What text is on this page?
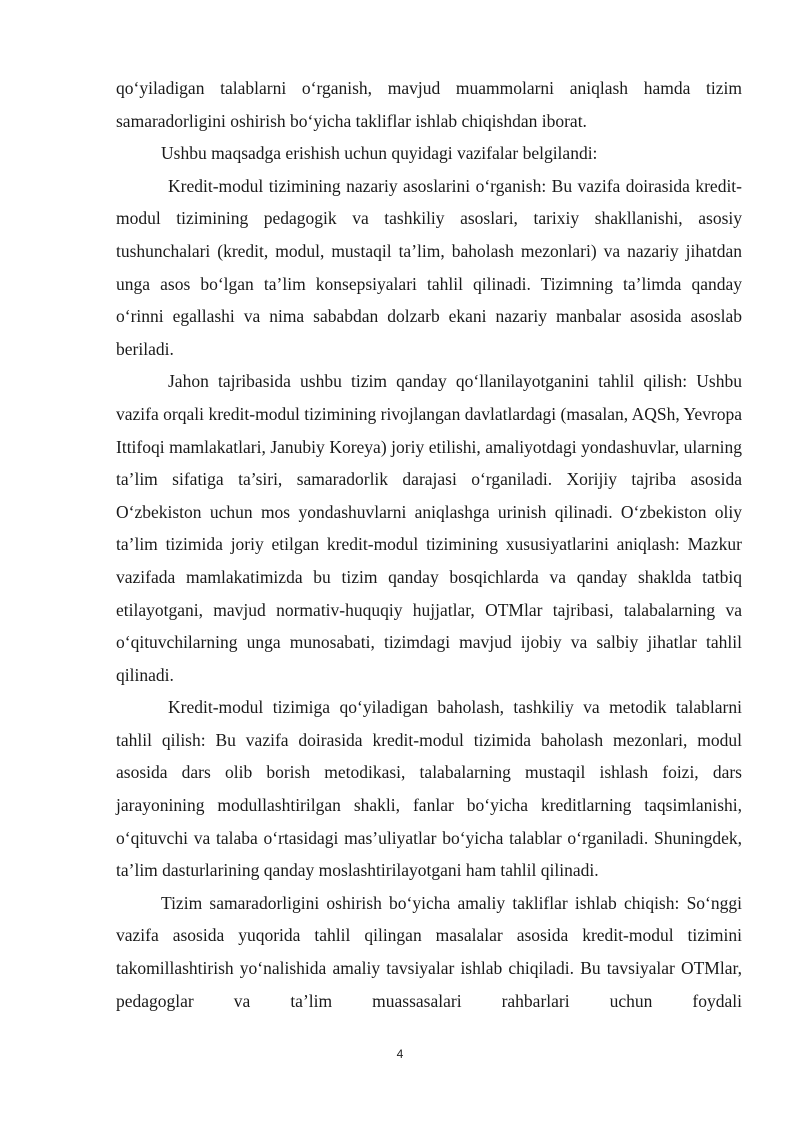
qo‘yiladigan talablarni o‘rganish, mavjud muammolarni aniqlash hamda tizim samaradorligini oshirish bo‘yicha takliflar ishlab chiqishdan iborat.

Ushbu maqsadga erishish uchun quyidagi vazifalar belgilandi:

Kredit-modul tizimining nazariy asoslarini o‘rganish: Bu vazifa doirasida kredit-modul tizimining pedagogik va tashkiliy asoslari, tarixiy shakllanishi, asosiy tushunchalari (kredit, modul, mustaqil ta’lim, baholash mezonlari) va nazariy jihatdan unga asos bo‘lgan ta’lim konsepsiyalari tahlil qilinadi. Tizimning ta’limda qanday o‘rinni egallashi va nima sababdan dolzarb ekani nazariy manbalar asosida asoslab beriladi.

Jahon tajribasida ushbu tizim qanday qo‘llanilayotganini tahlil qilish: Ushbu vazifa orqali kredit-modul tizimining rivojlangan davlatlardagi (masalan, AQSh, Yevropa Ittifoqi mamlakatlari, Janubiy Koreya) joriy etilishi, amaliyotdagi yondashuvlar, ularning ta’lim sifatiga ta’siri, samaradorlik darajasi o‘rganiladi. Xorijiy tajriba asosida O‘zbekiston uchun mos yondashuvlarni aniqlashga urinish qilinadi. O‘zbekiston oliy ta’lim tizimida joriy etilgan kredit-modul tizimining xususiyatlarini aniqlash: Mazkur vazifada mamlakatimizda bu tizim qanday bosqichlarda va qanday shaklda tatbiq etilayotgani, mavjud normativ-huquqiy hujjatlar, OTMlar tajribasi, talabalarning va o‘qituvchilarning unga munosabati, tizimdagi mavjud ijobiy va salbiy jihatlar tahlil qilinadi.

Kredit-modul tizimiga qo‘yiladigan baholash, tashkiliy va metodik talablarni tahlil qilish: Bu vazifa doirasida kredit-modul tizimida baholash mezonlari, modul asosida dars olib borish metodikasi, talabalarning mustaqil ishlash foizi, dars jarayonining modullashtirilgan shakli, fanlar bo‘yicha kreditlarning taqsimlanishi, o‘qituvchi va talaba o‘rtasidagi mas’uliyatlar bo‘yicha talablar o‘rganiladi. Shuningdek, ta’lim dasturlarining qanday moslashtirilayotgani ham tahlil qilinadi.

Tizim samaradorligini oshirish bo‘yicha amaliy takliflar ishlab chiqish: So‘nggi vazifa asosida yuqorida tahlil qilingan masalalar asosida kredit-modul tizimini takomillashtirish yo‘nalishida amaliy tavsiyalar ishlab chiqiladi. Bu tavsiyalar OTMlar, pedagoglar va ta’lim muassasalari rahbarlari uchun foydali

4
